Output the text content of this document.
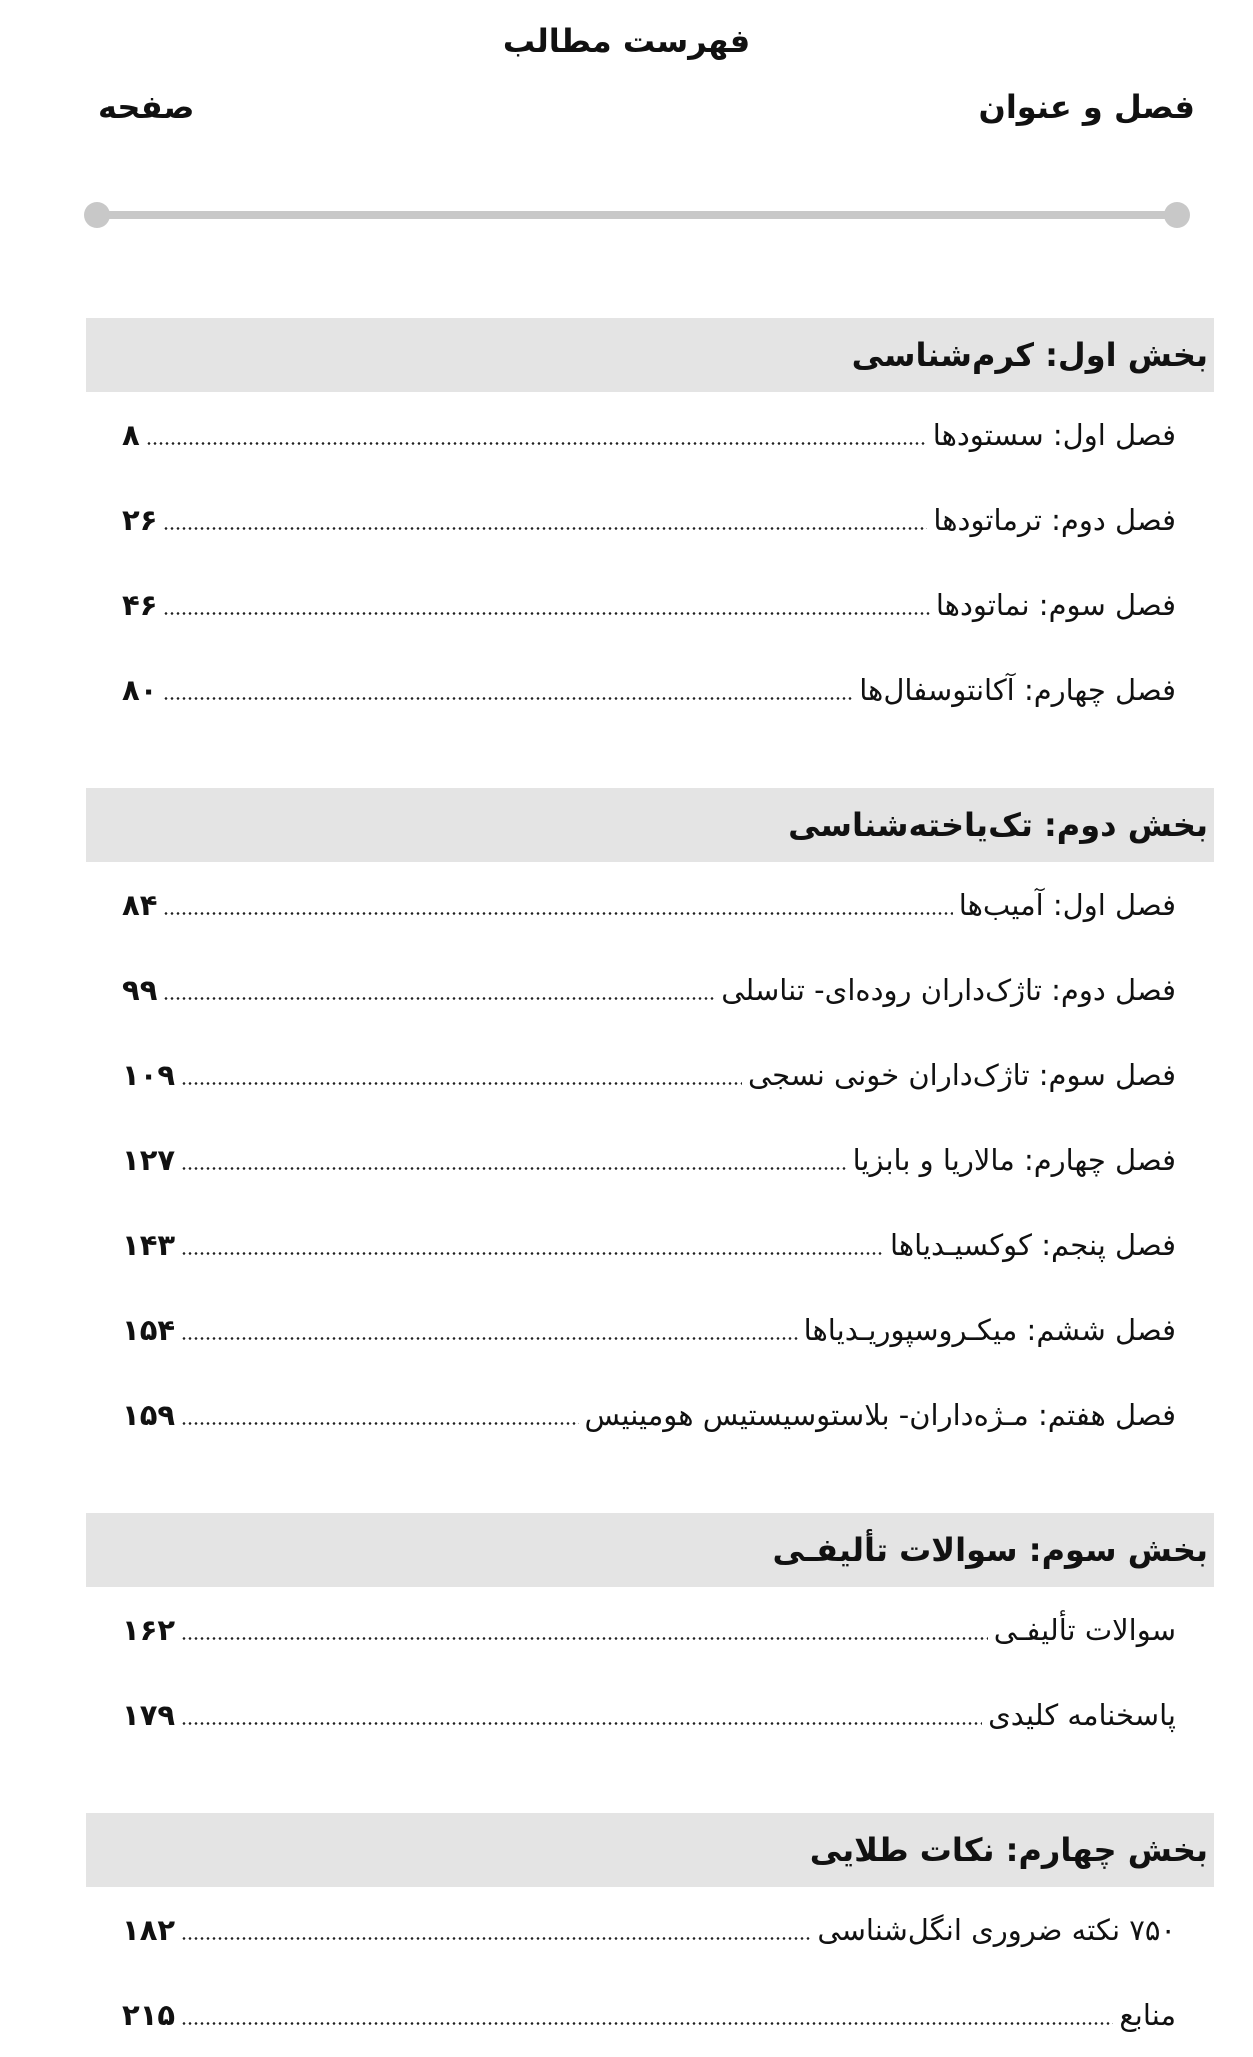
فهرست مطالب
فصل و عنوان
صفحه
بخش اول: کرم‌شناسی
فصل اول: سستودها
۸
فصل دوم: ترماتودها
۲۶
فصل سوم: نماتودها
۴۶
فصل چهارم: آکانتوسفال‌ها
۸۰
بخش دوم: تک‌یاخته‌شناسی
فصل اول: آمیب‌ها
۸۴
فصل دوم: تاژک‌داران روده‌ای- تناسلی
۹۹
فصل سوم: تاژک‌داران خونی نسجی
۱۰۹
فصل چهارم: مالاریا و بابزیا
۱۲۷
فصل پنجم: کوکسیـدیاها
۱۴۳
فصل ششم: میکـروسپوریـدیاها
۱۵۴
فصل هفتم: مـژه‌داران- بلاستوسیستیس هومینیس
۱۵۹
بخش سوم: سوالات تألیفـی
سوالات تألیفـی
۱۶۲
پاسخنامه کلیدی
۱۷۹
بخش چهارم: نکات طلایی
۷۵۰ نکته ضروری انگل‌شناسی
۱۸۲
منابع
۲۱۵
